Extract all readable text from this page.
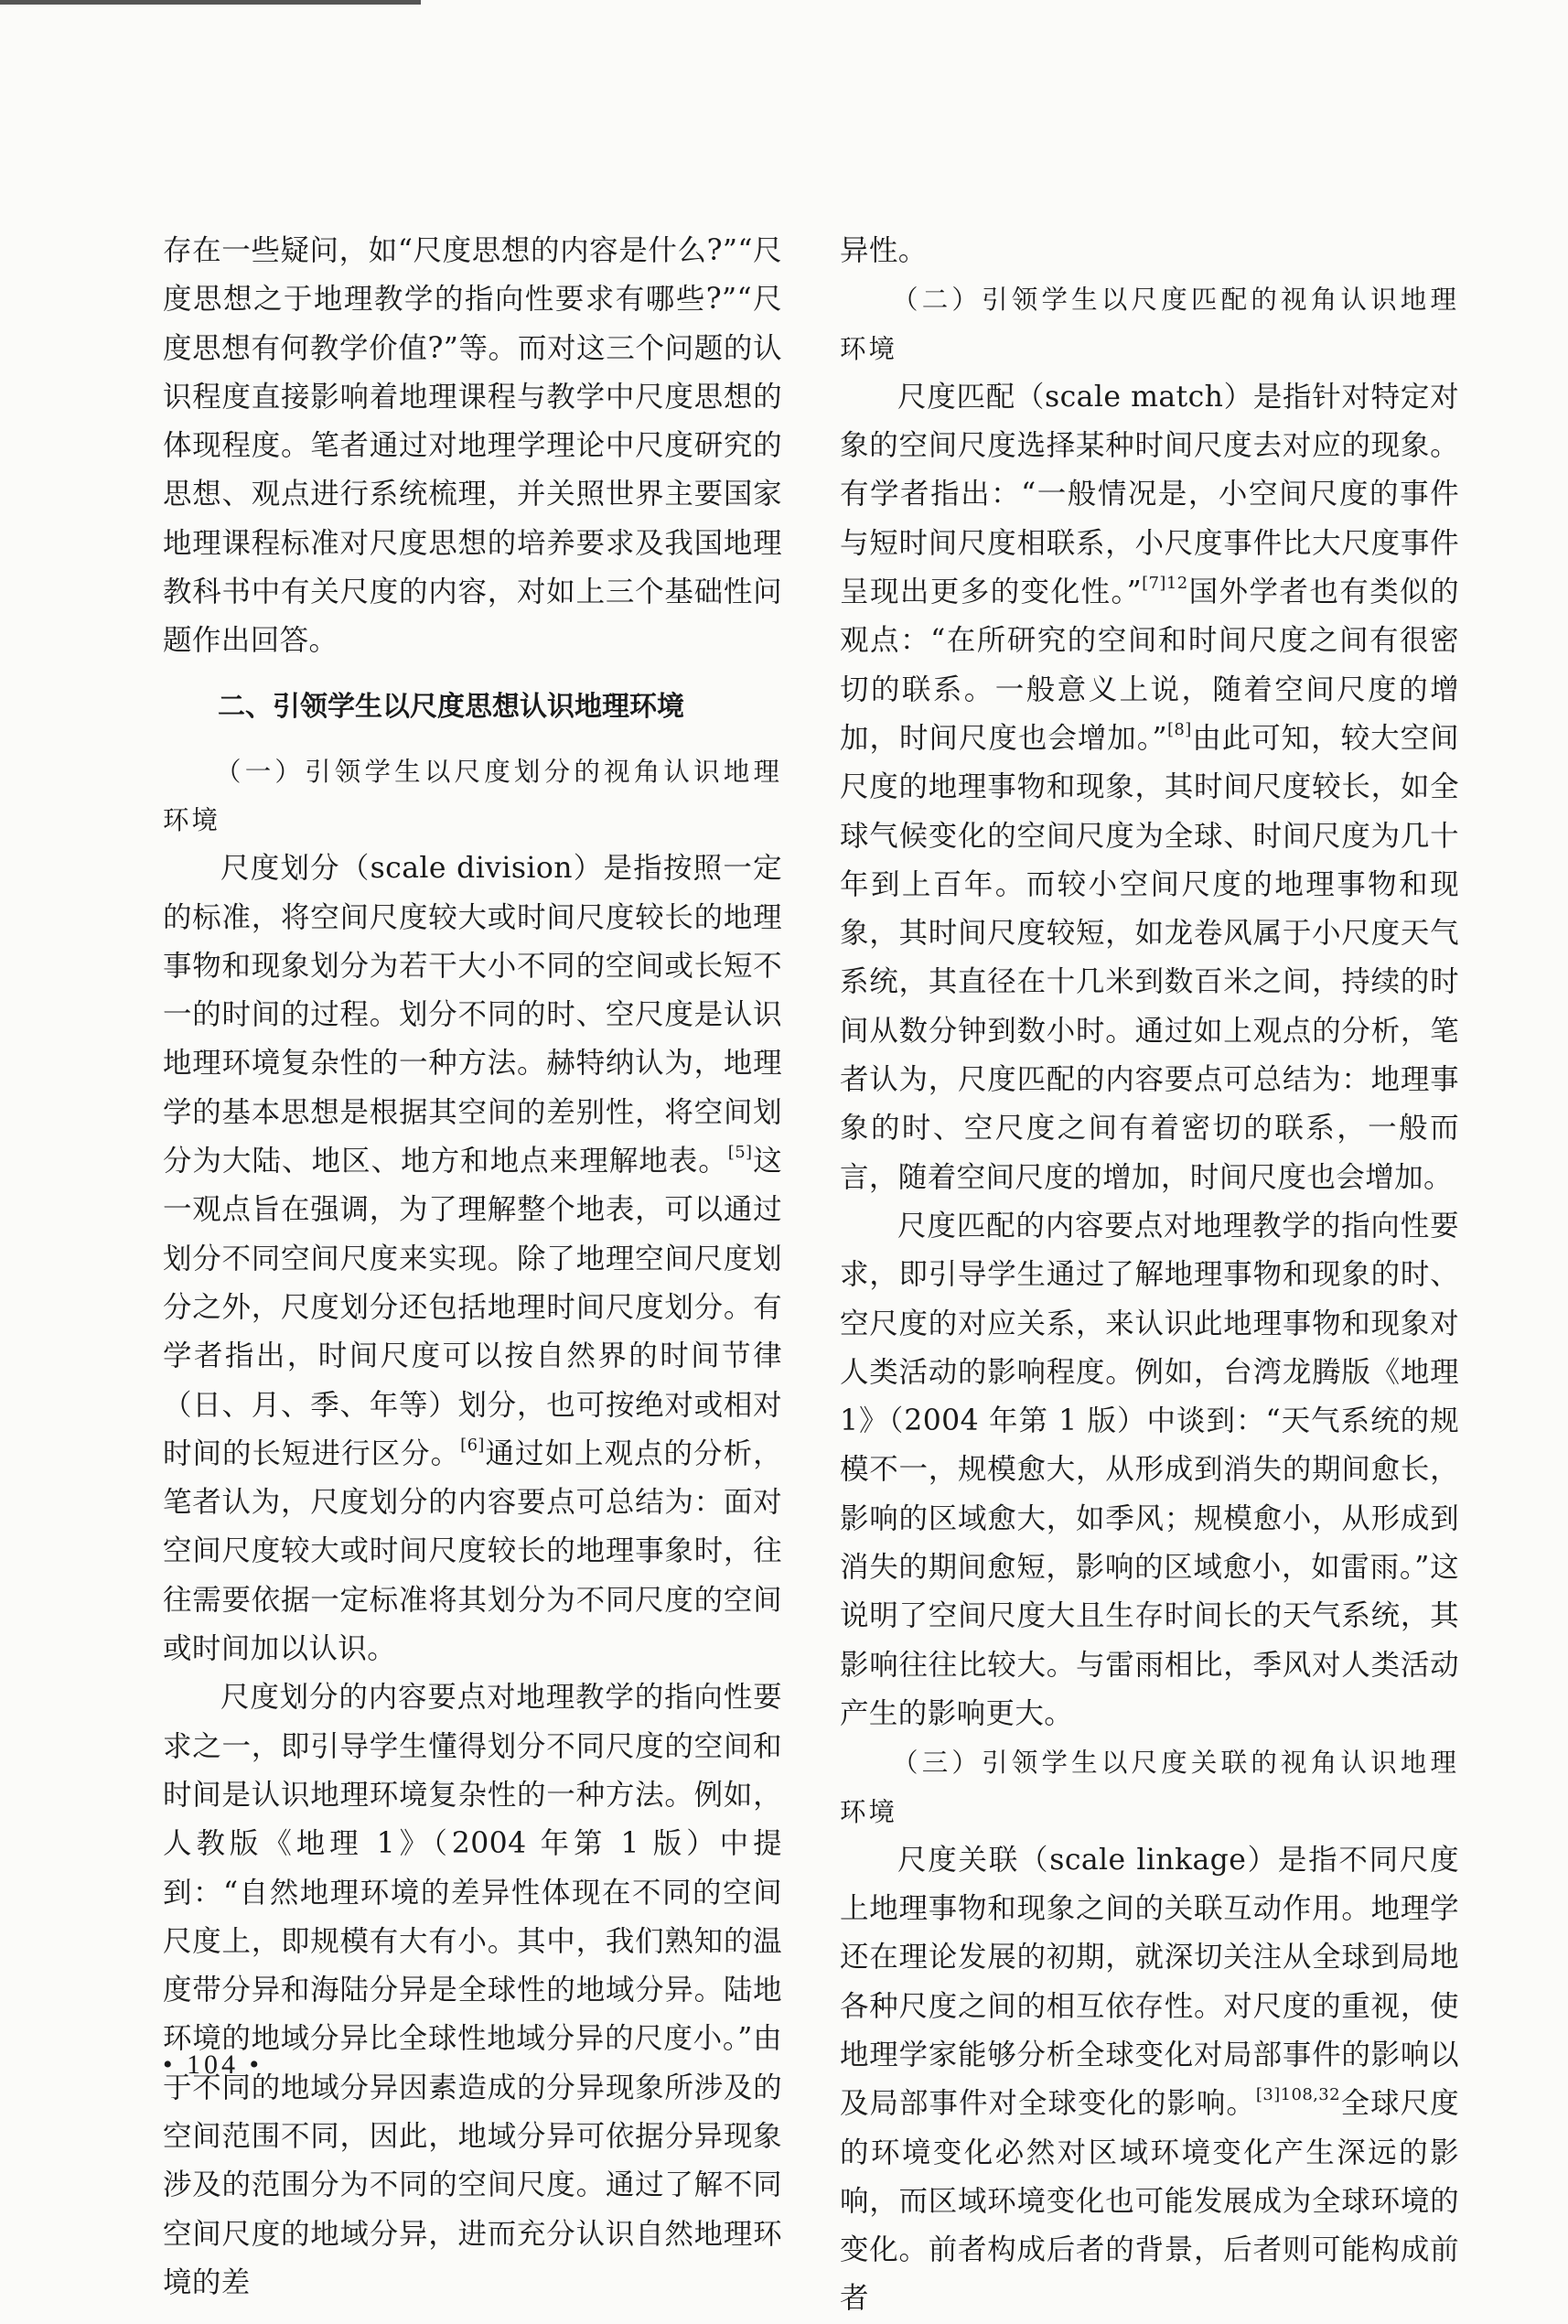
存在一些疑问，如“尺度思想的内容是什么?”“尺度思想之于地理教学的指向性要求有哪些?”“尺度思想有何教学价值?”等。而对这三个问题的认识程度直接影响着地理课程与教学中尺度思想的体现程度。笔者通过对地理学理论中尺度研究的思想、观点进行系统梳理，并关照世界主要国家地理课程标准对尺度思想的培养要求及我国地理教科书中有关尺度的内容，对如上三个基础性问题作出回答。

二、引领学生以尺度思想认识地理环境
（一）引领学生以尺度划分的视角认识地理环境

尺度划分（scale division）是指按照一定的标准，将空间尺度较大或时间尺度较长的地理事物和现象划分为若干大小不同的空间或长短不一的时间的过程。划分不同的时、空尺度是认识地理环境复杂性的一种方法。赫特纳认为，地理学的基本思想是根据其空间的差别性，将空间划分为大陆、地区、地方和地点来理解地表。[5]这一观点旨在强调，为了理解整个地表，可以通过划分不同空间尺度来实现。除了地理空间尺度划分之外，尺度划分还包括地理时间尺度划分。有学者指出，时间尺度可以按自然界的时间节律（日、月、季、年等）划分，也可按绝对或相对时间的长短进行区分。[6]通过如上观点的分析，笔者认为，尺度划分的内容要点可总结为：面对空间尺度较大或时间尺度较长的地理事象时，往往需要依据一定标准将其划分为不同尺度的空间或时间加以认识。

尺度划分的内容要点对地理教学的指向性要求之一，即引导学生懂得划分不同尺度的空间和时间是认识地理环境复杂性的一种方法。例如，人教版《地理 1》（2004 年第 1 版）中提到：“自然地理环境的差异性体现在不同的空间尺度上，即规模有大有小。其中，我们熟知的温度带分异和海陆分异是全球性的地域分异。陆地环境的地域分异比全球性地域分异的尺度小。”由于不同的地域分异因素造成的分异现象所涉及的空间范围不同，因此，地域分异可依据分异现象涉及的范围分为不同的空间尺度。通过了解不同空间尺度的地域分异，进而充分认识自然地理环境的差

异性。

（二）引领学生以尺度匹配的视角认识地理环境

尺度匹配（scale match）是指针对特定对象的空间尺度选择某种时间尺度去对应的现象。有学者指出：“一般情况是，小空间尺度的事件与短时间尺度相联系，小尺度事件比大尺度事件呈现出更多的变化性。”$^{[7]12}$国外学者也有类似的观点：“在所研究的空间和时间尺度之间有很密切的联系。一般意义上说，随着空间尺度的增加，时间尺度也会增加。”[8]由此可知，较大空间尺度的地理事物和现象，其时间尺度较长，如全球气候变化的空间尺度为全球、时间尺度为几十年到上百年。而较小空间尺度的地理事物和现象，其时间尺度较短，如龙卷风属于小尺度天气系统，其直径在十几米到数百米之间，持续的时间从数分钟到数小时。通过如上观点的分析，笔者认为，尺度匹配的内容要点可总结为：地理事象的时、空尺度之间有着密切的联系，一般而言，随着空间尺度的增加，时间尺度也会增加。

尺度匹配的内容要点对地理教学的指向性要求，即引导学生通过了解地理事物和现象的时、空尺度的对应关系，来认识此地理事物和现象对人类活动的影响程度。例如，台湾龙腾版《地理 1》（2004 年第 1 版）中谈到：“天气系统的规模不一，规模愈大，从形成到消失的期间愈长，影响的区域愈大，如季风；规模愈小，从形成到消失的期间愈短，影响的区域愈小，如雷雨。”这说明了空间尺度大且生存时间长的天气系统，其影响往往比较大。与雷雨相比，季风对人类活动产生的影响更大。

（三）引领学生以尺度关联的视角认识地理环境

尺度关联（scale linkage）是指不同尺度上地理事物和现象之间的关联互动作用。地理学还在理论发展的初期，就深切关注从全球到局地各种尺度之间的相互依存性。对尺度的重视，使地理学家能够分析全球变化对局部事件的影响以及局部事件对全球变化的影响。$^{[3]108,32}$全球尺度的环境变化必然对区域环境变化产生深远的影响，而区域环境变化也可能发展成为全球环境的变化。前者构成后者的背景，后者则可能构成前者

• 104 •
